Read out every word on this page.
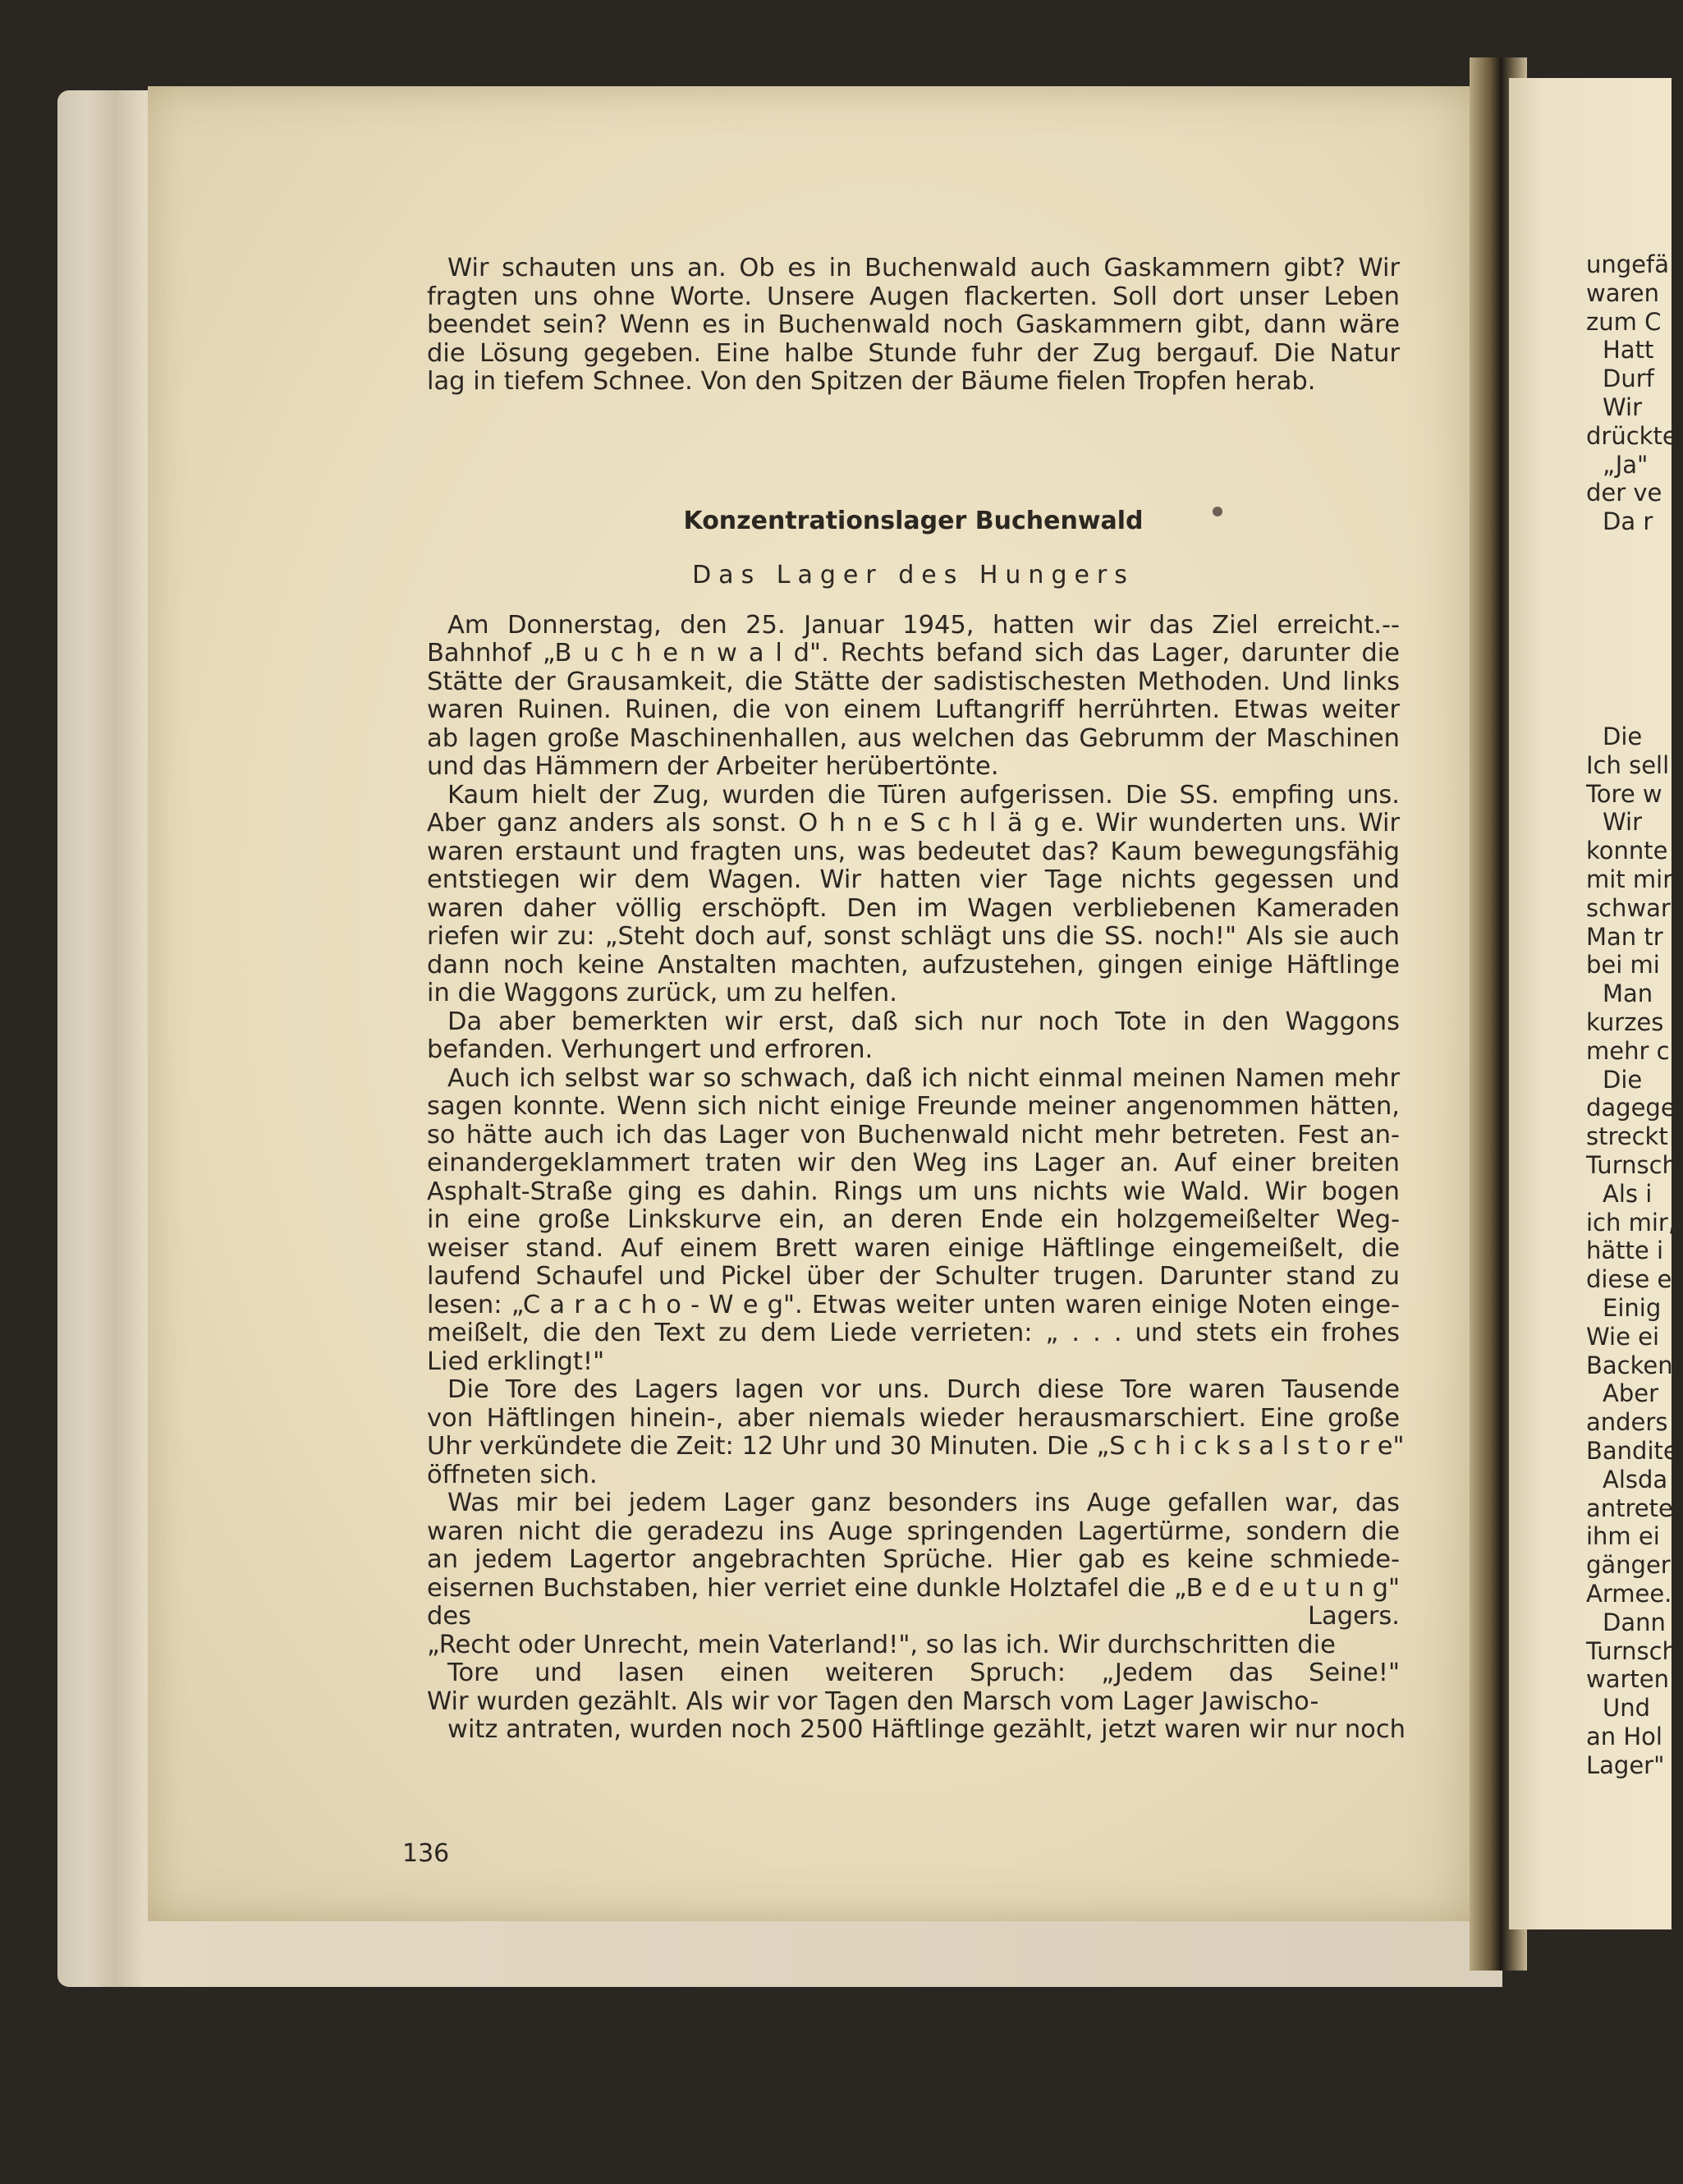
Wir schauten uns an. Ob es in Buchenwald auch Gaskammern gibt? Wir
fragten uns ohne Worte. Unsere Augen flackerten. Soll dort unser Leben
beendet sein? Wenn es in Buchenwald noch Gaskammern gibt, dann wäre
die Lösung gegeben. Eine halbe Stunde fuhr der Zug bergauf. Die Natur
lag in tiefem Schnee. Von den Spitzen der Bäume fielen Tropfen herab.
Konzentrationslager Buchenwald
Das Lager des Hungers
Am Donnerstag, den 25. Januar 1945, hatten wir das Ziel erreicht.--
Bahnhof „B u c h e n w a l d". Rechts befand sich das Lager, darunter die
Stätte der Grausamkeit, die Stätte der sadistischesten Methoden. Und links
waren Ruinen. Ruinen, die von einem Luftangriff herrührten. Etwas weiter
ab lagen große Maschinenhallen, aus welchen das Gebrumm der Maschinen
und das Hämmern der Arbeiter herübertönte.
Kaum hielt der Zug, wurden die Türen aufgerissen. Die SS. empfing uns.
Aber ganz anders als sonst. O h n e S c h l ä g e. Wir wunderten uns. Wir
waren erstaunt und fragten uns, was bedeutet das? Kaum bewegungsfähig
entstiegen wir dem Wagen. Wir hatten vier Tage nichts gegessen und
waren daher völlig erschöpft. Den im Wagen verbliebenen Kameraden
riefen wir zu: „Steht doch auf, sonst schlägt uns die SS. noch!" Als sie auch
dann noch keine Anstalten machten, aufzustehen, gingen einige Häftlinge
in die Waggons zurück, um zu helfen.
Da aber bemerkten wir erst, daß sich nur noch Tote in den Waggons
befanden. Verhungert und erfroren.
Auch ich selbst war so schwach, daß ich nicht einmal meinen Namen mehr
sagen konnte. Wenn sich nicht einige Freunde meiner angenommen hätten,
so hätte auch ich das Lager von Buchenwald nicht mehr betreten. Fest an-
einandergeklammert traten wir den Weg ins Lager an. Auf einer breiten
Asphalt-Straße ging es dahin. Rings um uns nichts wie Wald. Wir bogen
in eine große Linkskurve ein, an deren Ende ein holzgemeißelter Weg-
weiser stand. Auf einem Brett waren einige Häftlinge eingemeißelt, die
laufend Schaufel und Pickel über der Schulter trugen. Darunter stand zu
lesen: „C a r a c h o - W e g". Etwas weiter unten waren einige Noten einge-
meißelt, die den Text zu dem Liede verrieten: „ . . . und stets ein frohes
Lied erklingt!"
Die Tore des Lagers lagen vor uns. Durch diese Tore waren Tausende
von Häftlingen hinein-, aber niemals wieder herausmarschiert. Eine große
Uhr verkündete die Zeit: 12 Uhr und 30 Minuten. Die „S c h i c k s a l s t o r e"
öffneten sich.
Was mir bei jedem Lager ganz besonders ins Auge gefallen war, das
waren nicht die geradezu ins Auge springenden Lagertürme, sondern die
an jedem Lagertor angebrachten Sprüche. Hier gab es keine schmiede-
eisernen Buchstaben, hier verriet eine dunkle Holztafel die „B e d e u t u n g"
des Lagers.
„Recht oder Unrecht, mein Vaterland!", so las ich. Wir durchschritten die
Tore und lasen einen weiteren Spruch: „Jedem das Seine!"
Wir wurden gezählt. Als wir vor Tagen den Marsch vom Lager Jawischo-
witz antraten, wurden noch 2500 Häftlinge gezählt, jetzt waren wir nur noch
136
ungefä
waren
zum C
Hatt
Durf
Wir
drückte
„Ja"
der ve
Da r
Die
Ich sell
Tore w
Wir
konnte
mit mir
schwar
Man tr
bei mi
Man
kurzes
mehr c
Die
dagege
streckt
Turnsch
Als i
ich mir,
hätte i
diese e
Einig
Wie ei
Backen
Aber
anders
Bandite
Alsda
antreter
ihm ei
gänger
Armee.
Dann
Turnsch
warten
Und
an Hol
Lager"
